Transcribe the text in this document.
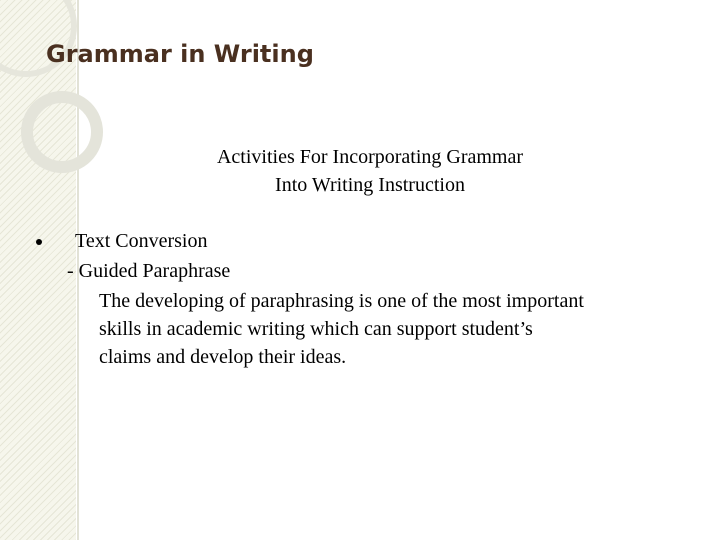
Grammar in Writing
Activities For Incorporating Grammar
Into Writing Instruction
Text Conversion
- Guided Paraphrase
The developing of paraphrasing is one of the most important
skills in academic writing which can support student’s
claims and develop their ideas.
